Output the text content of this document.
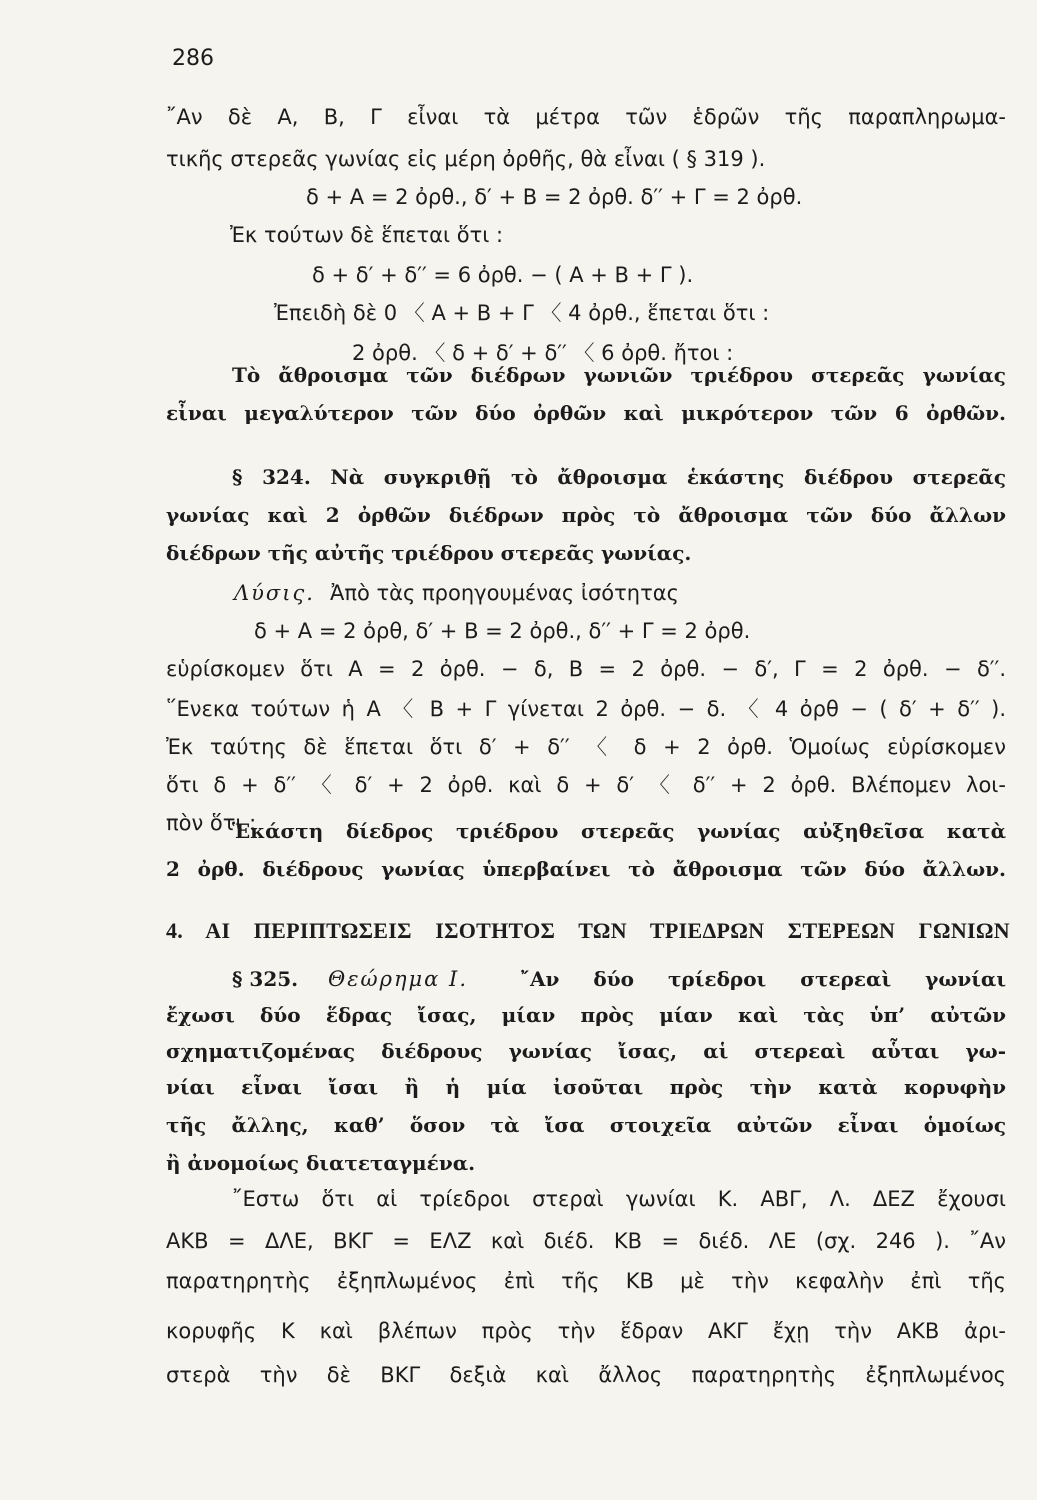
286
῎Αν δὲ Α, Β, Γ εἶναι τὰ μέτρα τῶν ἑδρῶν τῆς παραπληρωμα-
τικῆς στερεᾶς γωνίας εἰς μέρη ὀρθῆς, θὰ εἶναι ( § 319 ).
δ + Α = 2 ὀρθ., δ′ + Β = 2 ὀρθ. δ′′ + Γ = 2 ὀρθ.
Ἐκ τούτων δὲ ἕπεται ὅτι :
δ + δ′ + δ′′ = 6 ὀρθ. − ( Α + Β + Γ ).
Ἐπειδὴ δὲ 0 〈 Α + Β + Γ 〈 4 ὀρθ., ἕπεται ὅτι :
2 ὀρθ. 〈 δ + δ′ + δ′′ 〈 6 ὀρθ. ἤτοι :
Τὸ ἄθροισμα τῶν διέδρων γωνιῶν τριέδρου στερεᾶς γωνίας
εἶναι μεγαλύτερον τῶν δύο ὀρθῶν καὶ μικρότερον τῶν 6 ὀρθῶν.
§ 324. Νὰ συγκριθῇ τὸ ἄθροισμα ἑκάστης διέδρου στερεᾶς
γωνίας καὶ 2 ὀρθῶν διέδρων πρὸς τὸ ἄθροισμα τῶν δύο ἄλλων
διέδρων τῆς αὐτῆς τριέδρου στερεᾶς γωνίας.
Λύσις. Ἀπὸ τὰς προηγουμένας ἰσότητας
δ + Α = 2 ὀρθ, δ′ + Β = 2 ὀρθ., δ′′ + Γ = 2 ὀρθ.
εὑρίσκομεν ὅτι Α = 2 ὀρθ. − δ, Β = 2 ὀρθ. − δ′, Γ = 2 ὀρθ. − δ′′.
῞Ενεκα τούτων ἡ Α 〈 Β + Γ γίνεται 2 ὀρθ. − δ. 〈 4 ὀρθ − ( δ′ + δ′′ ).
Ἐκ ταύτης δὲ ἕπεται ὅτι δ′ + δ′′ 〈 δ + 2 ὀρθ. Ὁμοίως εὑρίσκομεν
ὅτι δ + δ′′ 〈 δ′ + 2 ὀρθ. καὶ δ + δ′ 〈 δ′′ + 2 ὀρθ. Βλέπομεν λοι-
πὸν ὅτι :
Ἑκάστη δίεδρος τριέδρου στερεᾶς γωνίας αὐξηθεῖσα κατὰ
2 ὀρθ. διέδρους γωνίας ὑπερβαίνει τὸ ἄθροισμα τῶν δύο ἄλλων.
4. ΑΙ ΠΕΡΙΠΤΩΣΕΙΣ ΙΣΟΤΗΤΟΣ ΤΩΝ ΤΡΙΕΔΡΩΝ ΣΤΕΡΕΩΝ ΓΩΝΙΩΝ
§ 325.	Θεώρημα Ι.	῎Αν δύο τρίεδροι στερεαὶ γωνίαι
ἔχωσι δύο ἕδρας ἴσας, μίαν πρὸς μίαν καὶ τὰς ὑπ’ αὐτῶν
σχηματιζομένας διέδρους γωνίας ἴσας, αἱ στερεαὶ αὗται γω-
νίαι εἶναι ἴσαι ἢ ἡ μία ἰσοῦται πρὸς τὴν κατὰ κορυφὴν
τῆς ἄλλης, καθ’ ὅσον τὰ ἴσα στοιχεῖα αὐτῶν εἶναι ὁμοίως
ἢ ἀνομοίως διατεταγμένα.
῎Εστω ὅτι αἱ τρίεδροι στεραὶ γωνίαι Κ. ΑΒΓ, Λ. ΔΕΖ ἔχουσι
ΑΚΒ = ΔΛΕ, ΒΚΓ = ΕΛΖ καὶ διέδ. ΚΒ = διέδ. ΛΕ (σχ. 246 ). ῎Αν
παρατηρητὴς ἐξηπλωμένος ἐπὶ τῆς ΚΒ μὲ τὴν κεφαλὴν ἐπὶ τῆς
κορυφῆς Κ καὶ βλέπων πρὸς τὴν ἕδραν ΑΚΓ ἔχῃ τὴν ΑΚΒ ἀρι-
στερὰ τὴν δὲ ΒΚΓ δεξιὰ καὶ ἄλλος παρατηρητὴς ἐξηπλωμένος
